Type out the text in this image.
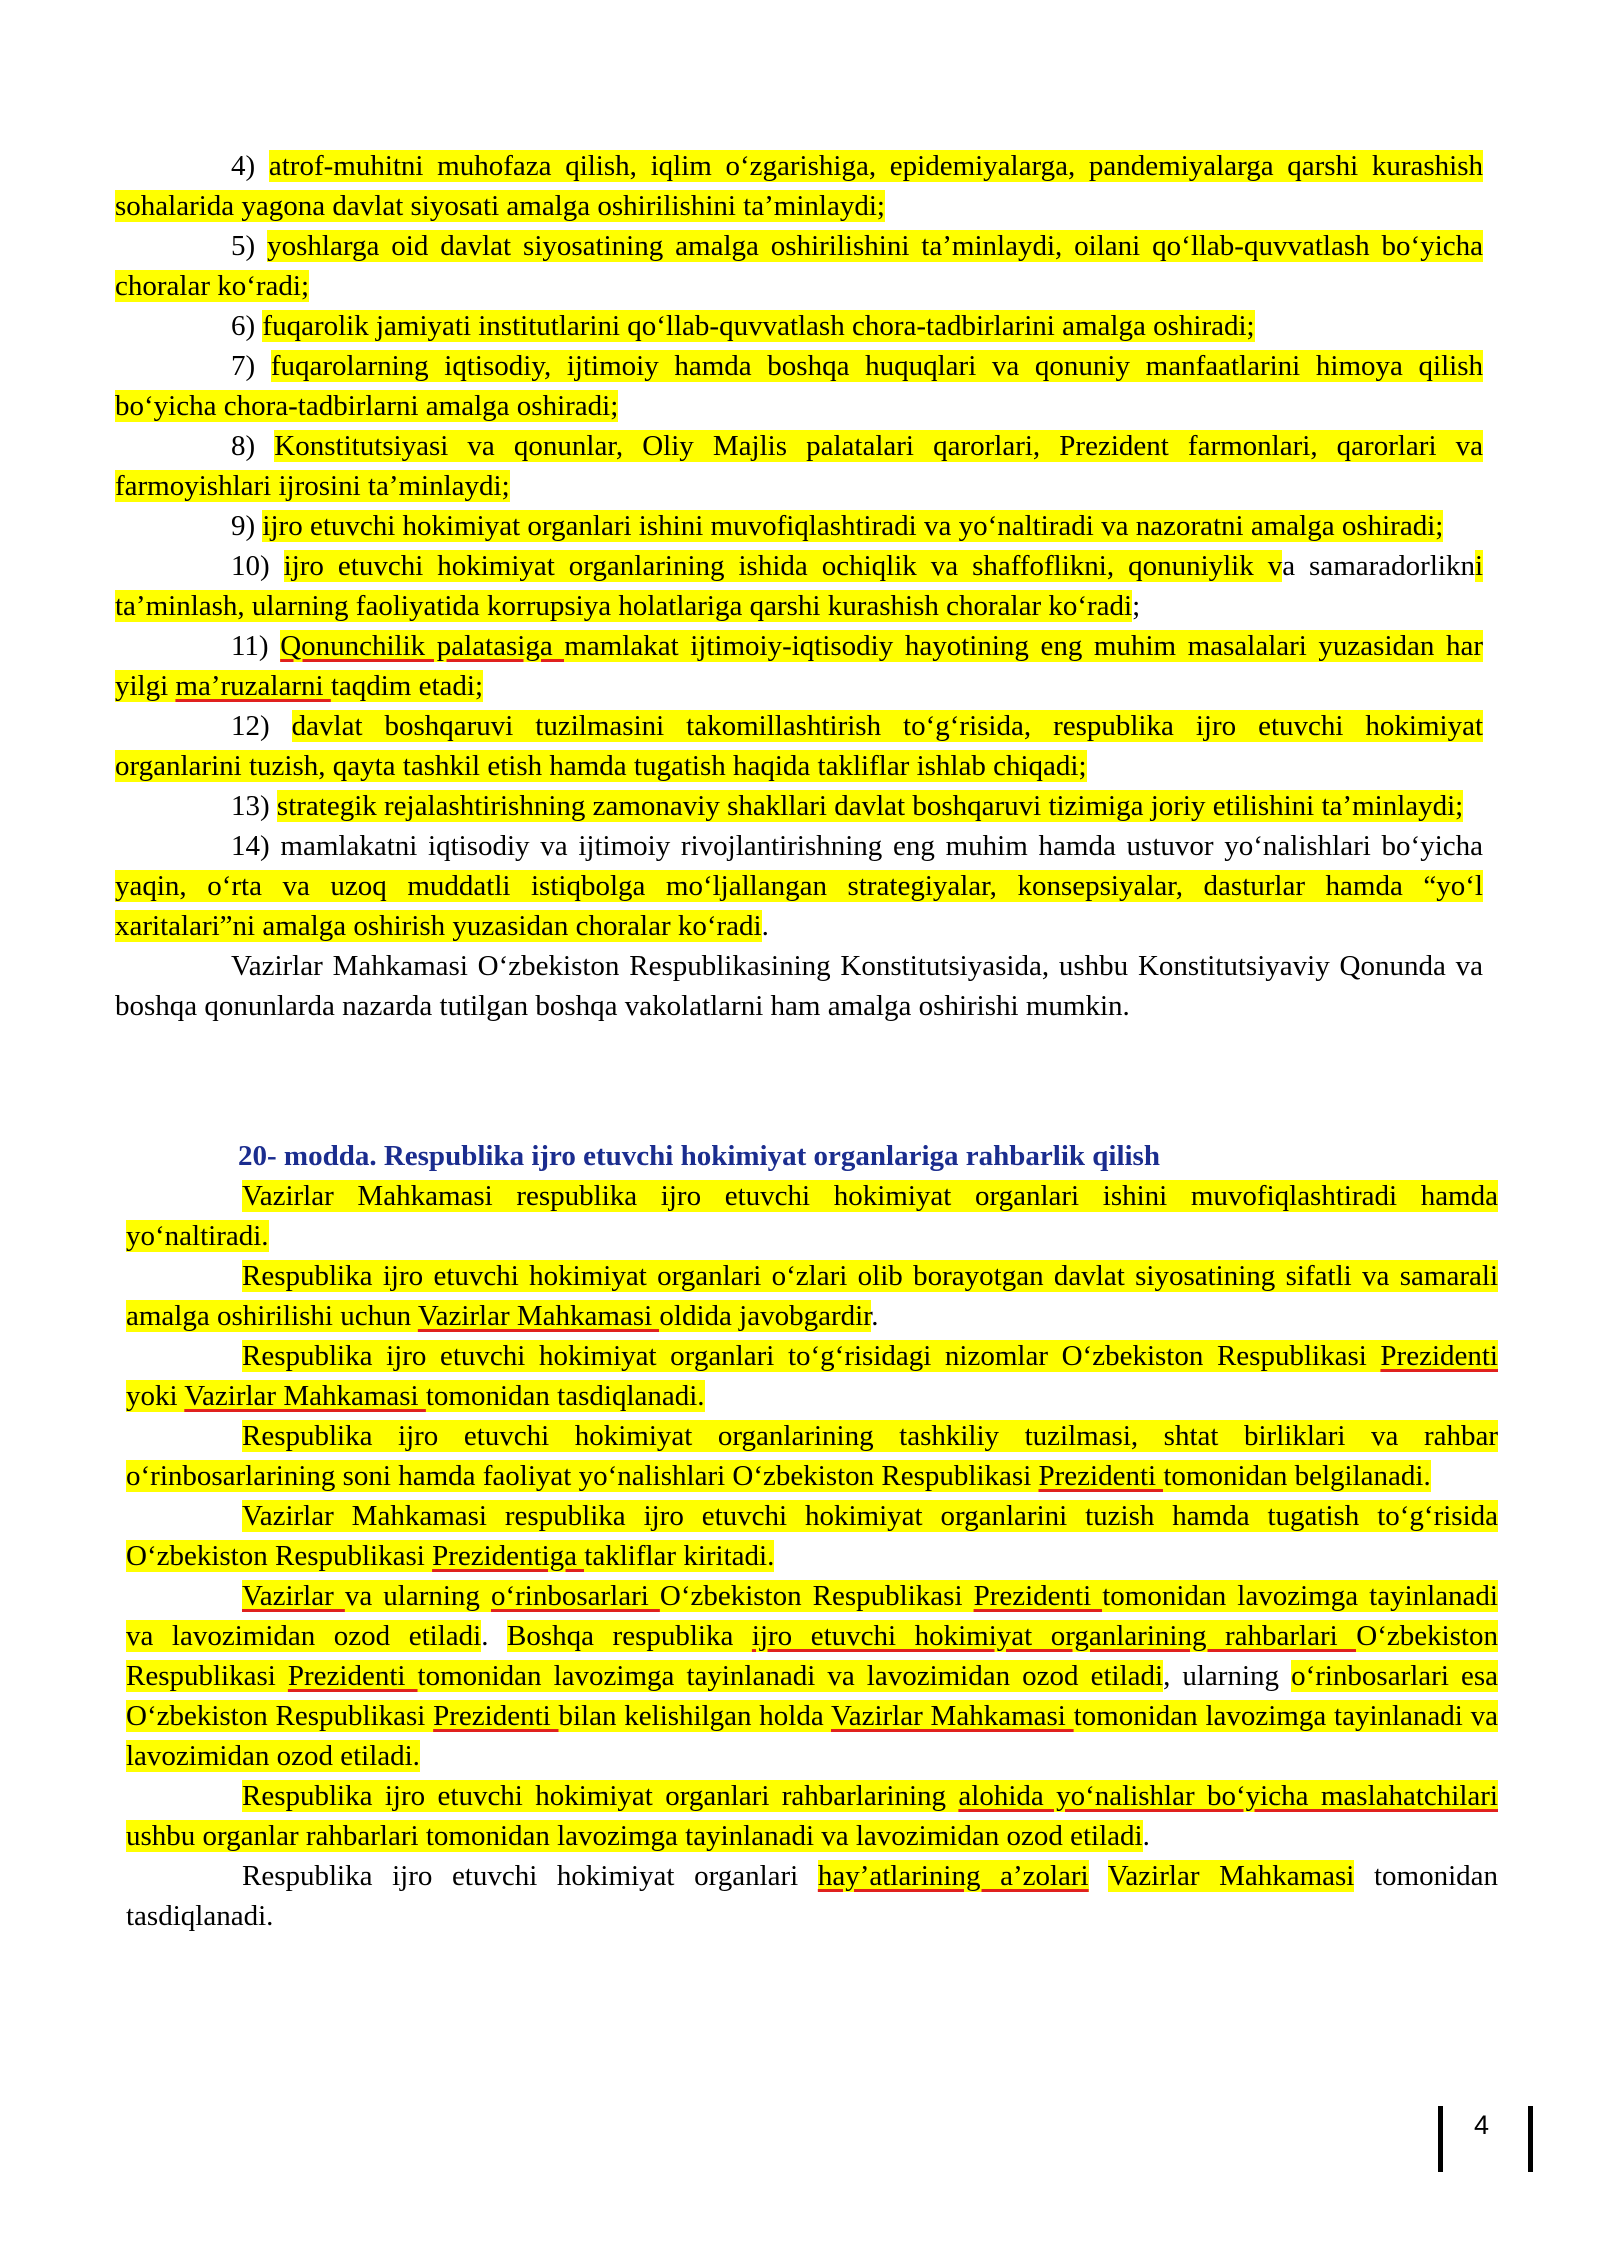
4) atrof-muhitni muhofaza qilish, iqlim o‘zgarishiga, epidemiyalarga, pandemiyalarga qarshi kurashish sohalarida yagona davlat siyosati amalga oshirilishini ta’minlaydi;

5) yoshlarga oid davlat siyosatining amalga oshirilishini ta’minlaydi, oilani qo‘llab-quvvatlash bo‘yicha choralar ko‘radi;

6) fuqarolik jamiyati institutlarini qo‘llab-quvvatlash chora-tadbirlarini amalga oshiradi;

7) fuqarolarning iqtisodiy, ijtimoiy hamda boshqa huquqlari va qonuniy manfaatlarini himoya qilish bo‘yicha chora-tadbirlarni amalga oshiradi;

8) Konstitutsiyasi va qonunlar, Oliy Majlis palatalari qarorlari, Prezident farmonlari, qarorlari va farmoyishlari ijrosini ta’minlaydi;

9) ijro etuvchi hokimiyat organlari ishini muvofiqlashtiradi va yo‘naltiradi va nazoratni amalga oshiradi;

10) ijro etuvchi hokimiyat organlarining ishida ochiqlik va shaffoflikni, qonuniylik va samaradorlikni ta’minlash, ularning faoliyatida korrupsiya holatlariga qarshi kurashish choralar ko‘radi;

11) Qonunchilik palatasiga mamlakat ijtimoiy-iqtisodiy hayotining eng muhim masalalari yuzasidan har yilgi ma’ruzalarni taqdim etadi;

12) davlat boshqaruvi tuzilmasini takomillashtirish to‘g‘risida, respublika ijro etuvchi hokimiyat organlarini tuzish, qayta tashkil etish hamda tugatish haqida takliflar ishlab chiqadi;

13) strategik rejalashtirishning zamonaviy shakllari davlat boshqaruvi tizimiga joriy etilishini ta’minlaydi;

14) mamlakatni iqtisodiy va ijtimoiy rivojlantirishning eng muhim hamda ustuvor yo‘nalishlari bo‘yicha yaqin, o‘rta va uzoq muddatli istiqbolga mo‘ljallangan strategiyalar, konsepsiyalar, dasturlar hamda “yo‘l xaritalari”ni amalga oshirish yuzasidan choralar ko‘radi.

Vazirlar Mahkamasi O‘zbekiston Respublikasining Konstitutsiyasida, ushbu Konstitutsiyaviy Qonunda va boshqa qonunlarda nazarda tutilgan boshqa vakolatlarni ham amalga oshirishi mumkin.

20- modda. Respublika ijro etuvchi hokimiyat organlariga rahbarlik qilish

Vazirlar Mahkamasi respublika ijro etuvchi hokimiyat organlari ishini muvofiqlashtiradi hamda yo‘naltiradi.

Respublika ijro etuvchi hokimiyat organlari o‘zlari olib borayotgan davlat siyosatining sifatli va samarali amalga oshirilishi uchun Vazirlar Mahkamasi oldida javobgardir.

Respublika ijro etuvchi hokimiyat organlari to‘g‘risidagi nizomlar O‘zbekiston Respublikasi Prezidenti yoki Vazirlar Mahkamasi tomonidan tasdiqlanadi.

Respublika ijro etuvchi hokimiyat organlarining tashkiliy tuzilmasi, shtat birliklari va rahbar o‘rinbosarlarining soni hamda faoliyat yo‘nalishlari O‘zbekiston Respublikasi Prezidenti tomonidan belgilanadi.

Vazirlar Mahkamasi respublika ijro etuvchi hokimiyat organlarini tuzish hamda tugatish to‘g‘risida O‘zbekiston Respublikasi Prezidentiga takliflar kiritadi.

Vazirlar va ularning o‘rinbosarlari O‘zbekiston Respublikasi Prezidenti tomonidan lavozimga tayinlanadi va lavozimidan ozod etiladi. Boshqa respublika ijro etuvchi hokimiyat organlarining rahbarlari O‘zbekiston Respublikasi Prezidenti tomonidan lavozimga tayinlanadi va lavozimidan ozod etiladi, ularning o‘rinbosarlari esa O‘zbekiston Respublikasi Prezidenti bilan kelishilgan holda Vazirlar Mahkamasi tomonidan lavozimga tayinlanadi va lavozimidan ozod etiladi.

Respublika ijro etuvchi hokimiyat organlari rahbarlarining alohida yo‘nalishlar bo‘yicha maslahatchilari ushbu organlar rahbarlari tomonidan lavozimga tayinlanadi va lavozimidan ozod etiladi.

Respublika ijro etuvchi hokimiyat organlari hay’atlarining a’zolari Vazirlar Mahkamasi tomonidan tasdiqlanadi.

4
